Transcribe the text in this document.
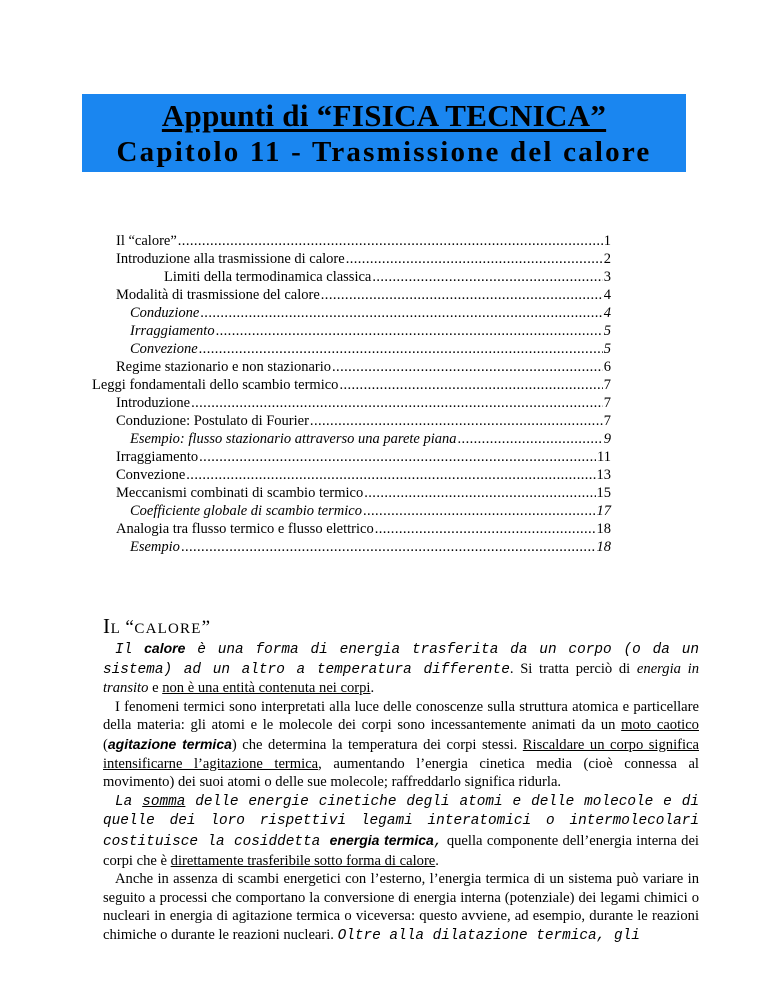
Appunti di “FISICA TECNICA”
Capitolo 11 - Trasmissione del calore
Il “calore” .....	1
Introduzione alla trasmissione di calore .....	2
Limiti della termodinamica classica .....	3
Modalità di trasmissione del calore .....	4
Conduzione .....	4
Irraggiamento .....	5
Convezione .....	5
Regime stazionario e non stazionario .....	6
Leggi fondamentali dello scambio termico .....	7
Introduzione .....	7
Conduzione: Postulato di Fourier .....	7
Esempio: flusso stazionario attraverso una parete piana .....	9
Irraggiamento .....	11
Convezione .....	13
Meccanismi combinati di scambio termico .....	15
Coefficiente globale di scambio termico .....	17
Analogia tra flusso termico e flusso elettrico .....	18
Esempio .....	18
IL “CALORE”

Il calore è una forma di energia trasferita da un corpo (o da un sistema) ad un altro a temperatura differente. Si tratta perciò di energia in transito e non è una entità contenuta nei corpi.

I fenomeni termici sono interpretati alla luce delle conoscenze sulla struttura atomica e particellare della materia: gli atomi e le molecole dei corpi sono incessantemente animati da un moto caotico (agitazione termica) che determina la temperatura dei corpi stessi. Riscaldare un corpo significa intensificarne l’agitazione termica, aumentando l’energia cinetica media (cioè connessa al movimento) dei suoi atomi o delle sue molecole; raffreddarlo significa ridurla.

La somma delle energie cinetiche degli atomi e delle molecole e di quelle dei loro rispettivi legami interatomici o intermolecolari costituisce la cosiddetta energia termica, quella componente dell’energia interna dei corpi che è direttamente trasferibile sotto forma di calore.

Anche in assenza di scambi energetici con l’esterno, l’energia termica di un sistema può variare in seguito a processi che comportano la conversione di energia interna (potenziale) dei legami chimici o nucleari in energia di agitazione termica o viceversa: questo avviene, ad esempio, durante le reazioni chimiche o durante le reazioni nucleari. Oltre alla dilatazione termica, gli
